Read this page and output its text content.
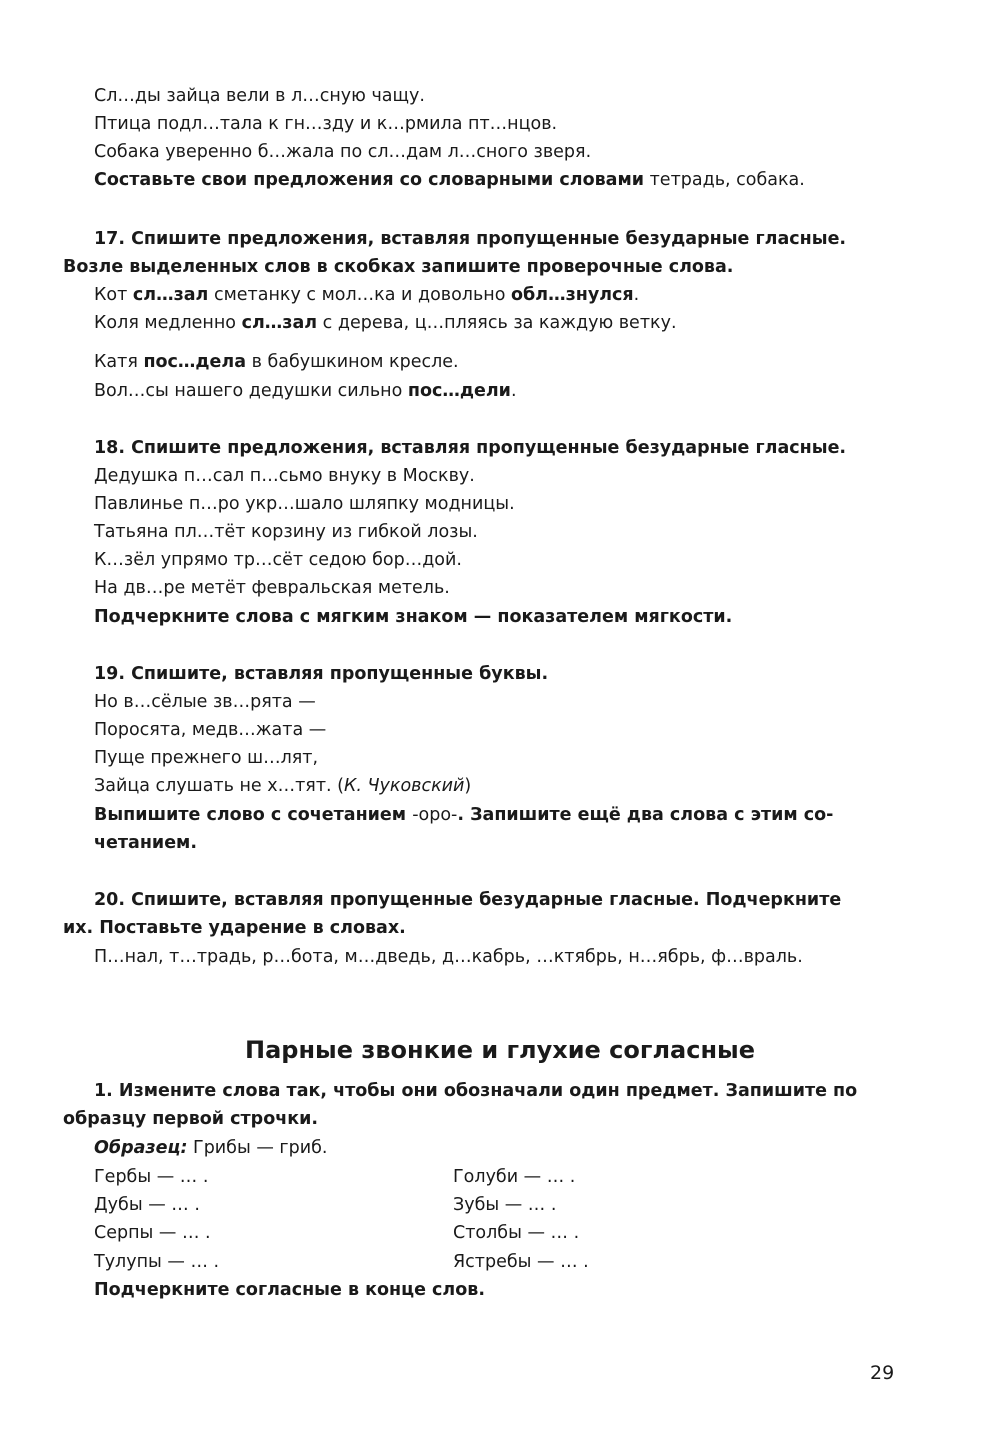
Сл…ды зайца вели в л…сную чащу.

Птица подл…тала к гн…зду и к…рмила пт…нцов.

Собака уверенно б…жала по сл…дам л…сного зверя.

Составьте свои предложения со словарными словами тетрадь, собака.

17. Спишите предложения, вставляя пропущенные безударные гласные.

Возле выделенных слов в скобках запишите проверочные слова.

Кот сл…зал сметанку с мол…ка и довольно обл…знулся.

Коля медленно сл…зал с дерева, ц…пляясь за каждую ветку.

Катя пос…дела в бабушкином кресле.

Вол…сы нашего дедушки сильно пос…дели.

18. Спишите предложения, вставляя пропущенные безударные гласные.

Дедушка п…сал п…сьмо внуку в Москву.

Павлинье п…ро укр…шало шляпку модницы.

Татьяна пл…тёт корзину из гибкой лозы.

К…зёл упрямо тр…сёт седою бор…дой.

На дв…ре метёт февральская метель.

Подчеркните слова с мягким знаком — показателем мягкости.

19. Спишите, вставляя пропущенные буквы.

Но в…сёлые зв…рята —

Поросята, медв…жата —

Пуще прежнего ш…лят,

Зайца слушать не х…тят. (К. Чуковский)

Выпишите слово с сочетанием -оро-. Запишите ещё два слова с этим со-

четанием.

20. Спишите, вставляя пропущенные безударные гласные. Подчеркните

их. Поставьте ударение в словах.

П…нал, т…традь, р…бота, м…дведь, д…кабрь, …ктябрь, н…ябрь, ф…враль.

Парные звонкие и глухие согласные

1. Измените слова так, чтобы они обозначали один предмет. Запишите по

образцу первой строчки.

Образец: Грибы — гриб.

Гербы — … .

Дубы — … .

Серпы — … .

Тулупы — … .

Голуби — … .

Зубы — … .

Столбы — … .

Ястребы — … .

Подчеркните согласные в конце слов.

29
